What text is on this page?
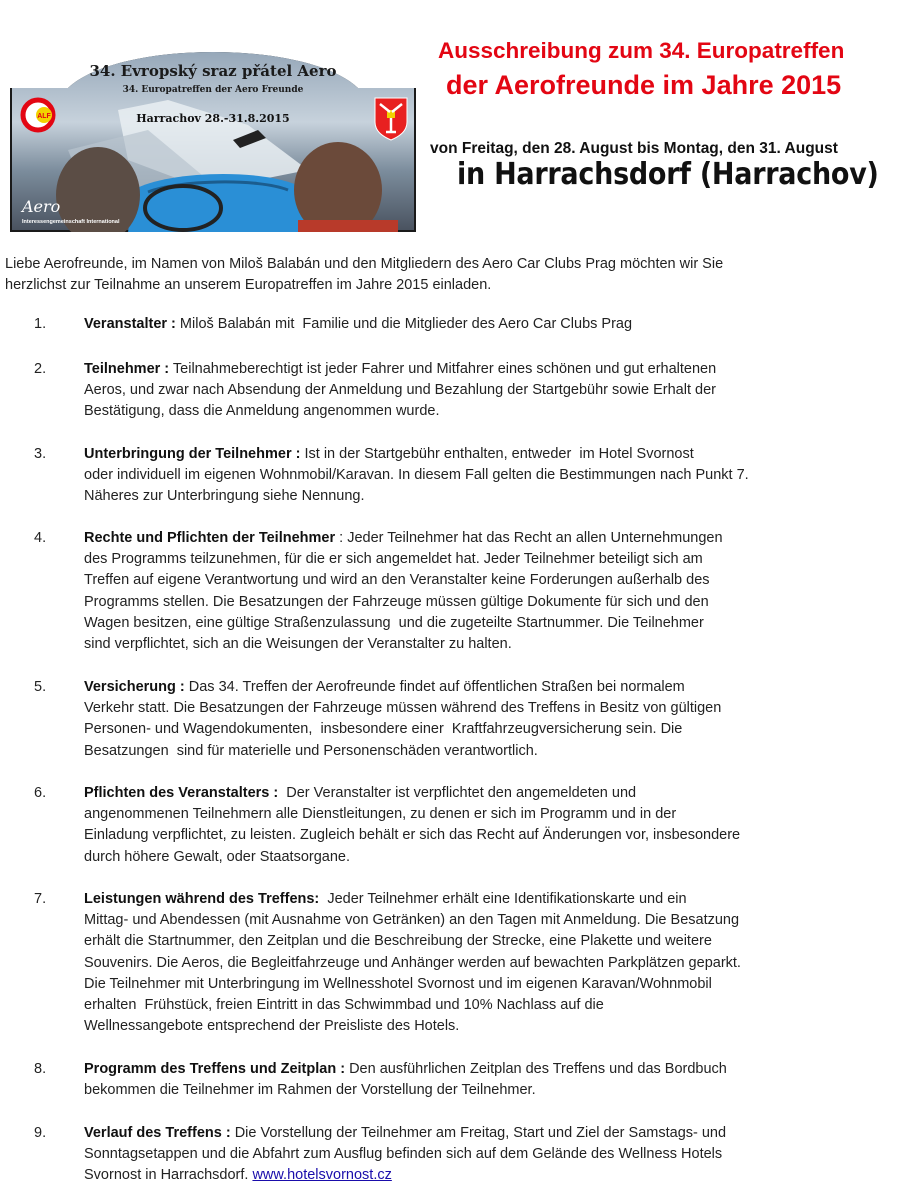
34. Evropský sraz přátel Aero
34. Europatreffen der Aero Freunde
Harrachov 28.-31.8.2015
ALF
Aero
Interessengemeinschaft International
Ausschreibung zum 34. Europatreffen
der Aerofreunde im Jahre 2015
von Freitag, den 28. August bis Montag, den 31. August
in Harrachsdorf (Harrachov)
Liebe Aerofreunde, im Namen von Miloš Balabán und den Mitgliedern des Aero Car Clubs Prag möchten wir Sie
herzlichst zur Teilnahme an unserem Europatreffen im Jahre 2015 einladen.
1.	Veranstalter : Miloš Balabán mit  Familie und die Mitglieder des Aero Car Clubs Prag
2.	Teilnehmer : Teilnahmeberechtigt ist jeder Fahrer und Mitfahrer eines schönen und gut erhaltenen
Aeros, und zwar nach Absendung der Anmeldung und Bezahlung der Startgebühr sowie Erhalt der
Bestätigung, dass die Anmeldung angenommen wurde.
3.	Unterbringung der Teilnehmer : Ist in der Startgebühr enthalten, entweder  im Hotel Svornost
oder individuell im eigenen Wohnmobil/Karavan. In diesem Fall gelten die Bestimmungen nach Punkt 7.
Näheres zur Unterbringung siehe Nennung.
4.	Rechte und Pflichten der Teilnehmer : Jeder Teilnehmer hat das Recht an allen Unternehmungen
des Programms teilzunehmen, für die er sich angemeldet hat. Jeder Teilnehmer beteiligt sich am
Treffen auf eigene Verantwortung und wird an den Veranstalter keine Forderungen außerhalb des
Programms stellen. Die Besatzungen der Fahrzeuge müssen gültige Dokumente für sich und den
Wagen besitzen, eine gültige Straßenzulassung  und die zugeteilte Startnummer. Die Teilnehmer
sind verpflichtet, sich an die Weisungen der Veranstalter zu halten.
5.	Versicherung : Das 34. Treffen der Aerofreunde findet auf öffentlichen Straßen bei normalem
Verkehr statt. Die Besatzungen der Fahrzeuge müssen während des Treffens in Besitz von gültigen
Personen- und Wagendokumenten,  insbesondere einer  Kraftfahrzeugversicherung sein. Die
Besatzungen  sind für materielle und Personenschäden verantwortlich.
6.	Pflichten des Veranstalters :  Der Veranstalter ist verpflichtet den angemeldeten und
angenommenen Teilnehmern alle Dienstleitungen, zu denen er sich im Programm und in der
Einladung verpflichtet, zu leisten. Zugleich behält er sich das Recht auf Änderungen vor, insbesondere
durch höhere Gewalt, oder Staatsorgane.
7.	Leistungen während des Treffens:  Jeder Teilnehmer erhält eine Identifikationskarte und ein
Mittag- und Abendessen (mit Ausnahme von Getränken) an den Tagen mit Anmeldung. Die Besatzung
erhält die Startnummer, den Zeitplan und die Beschreibung der Strecke, eine Plakette und weitere
Souvenirs. Die Aeros, die Begleitfahrzeuge und Anhänger werden auf bewachten Parkplätzen geparkt.
Die Teilnehmer mit Unterbringung im Wellnesshotel Svornost und im eigenen Karavan/Wohnmobil
erhalten  Frühstück, freien Eintritt in das Schwimmbad und 10% Nachlass auf die
Wellnessangebote entsprechend der Preisliste des Hotels.
8.	Programm des Treffens und Zeitplan : Den ausführlichen Zeitplan des Treffens und das Bordbuch
bekommen die Teilnehmer im Rahmen der Vorstellung der Teilnehmer.
9.	Verlauf des Treffens : Die Vorstellung der Teilnehmer am Freitag, Start und Ziel der Samstags- und
Sonntagsetappen und die Abfahrt zum Ausflug befinden sich auf dem Gelände des Wellness Hotels
Svornost in Harrachsdorf. www.hotelsvornost.cz
